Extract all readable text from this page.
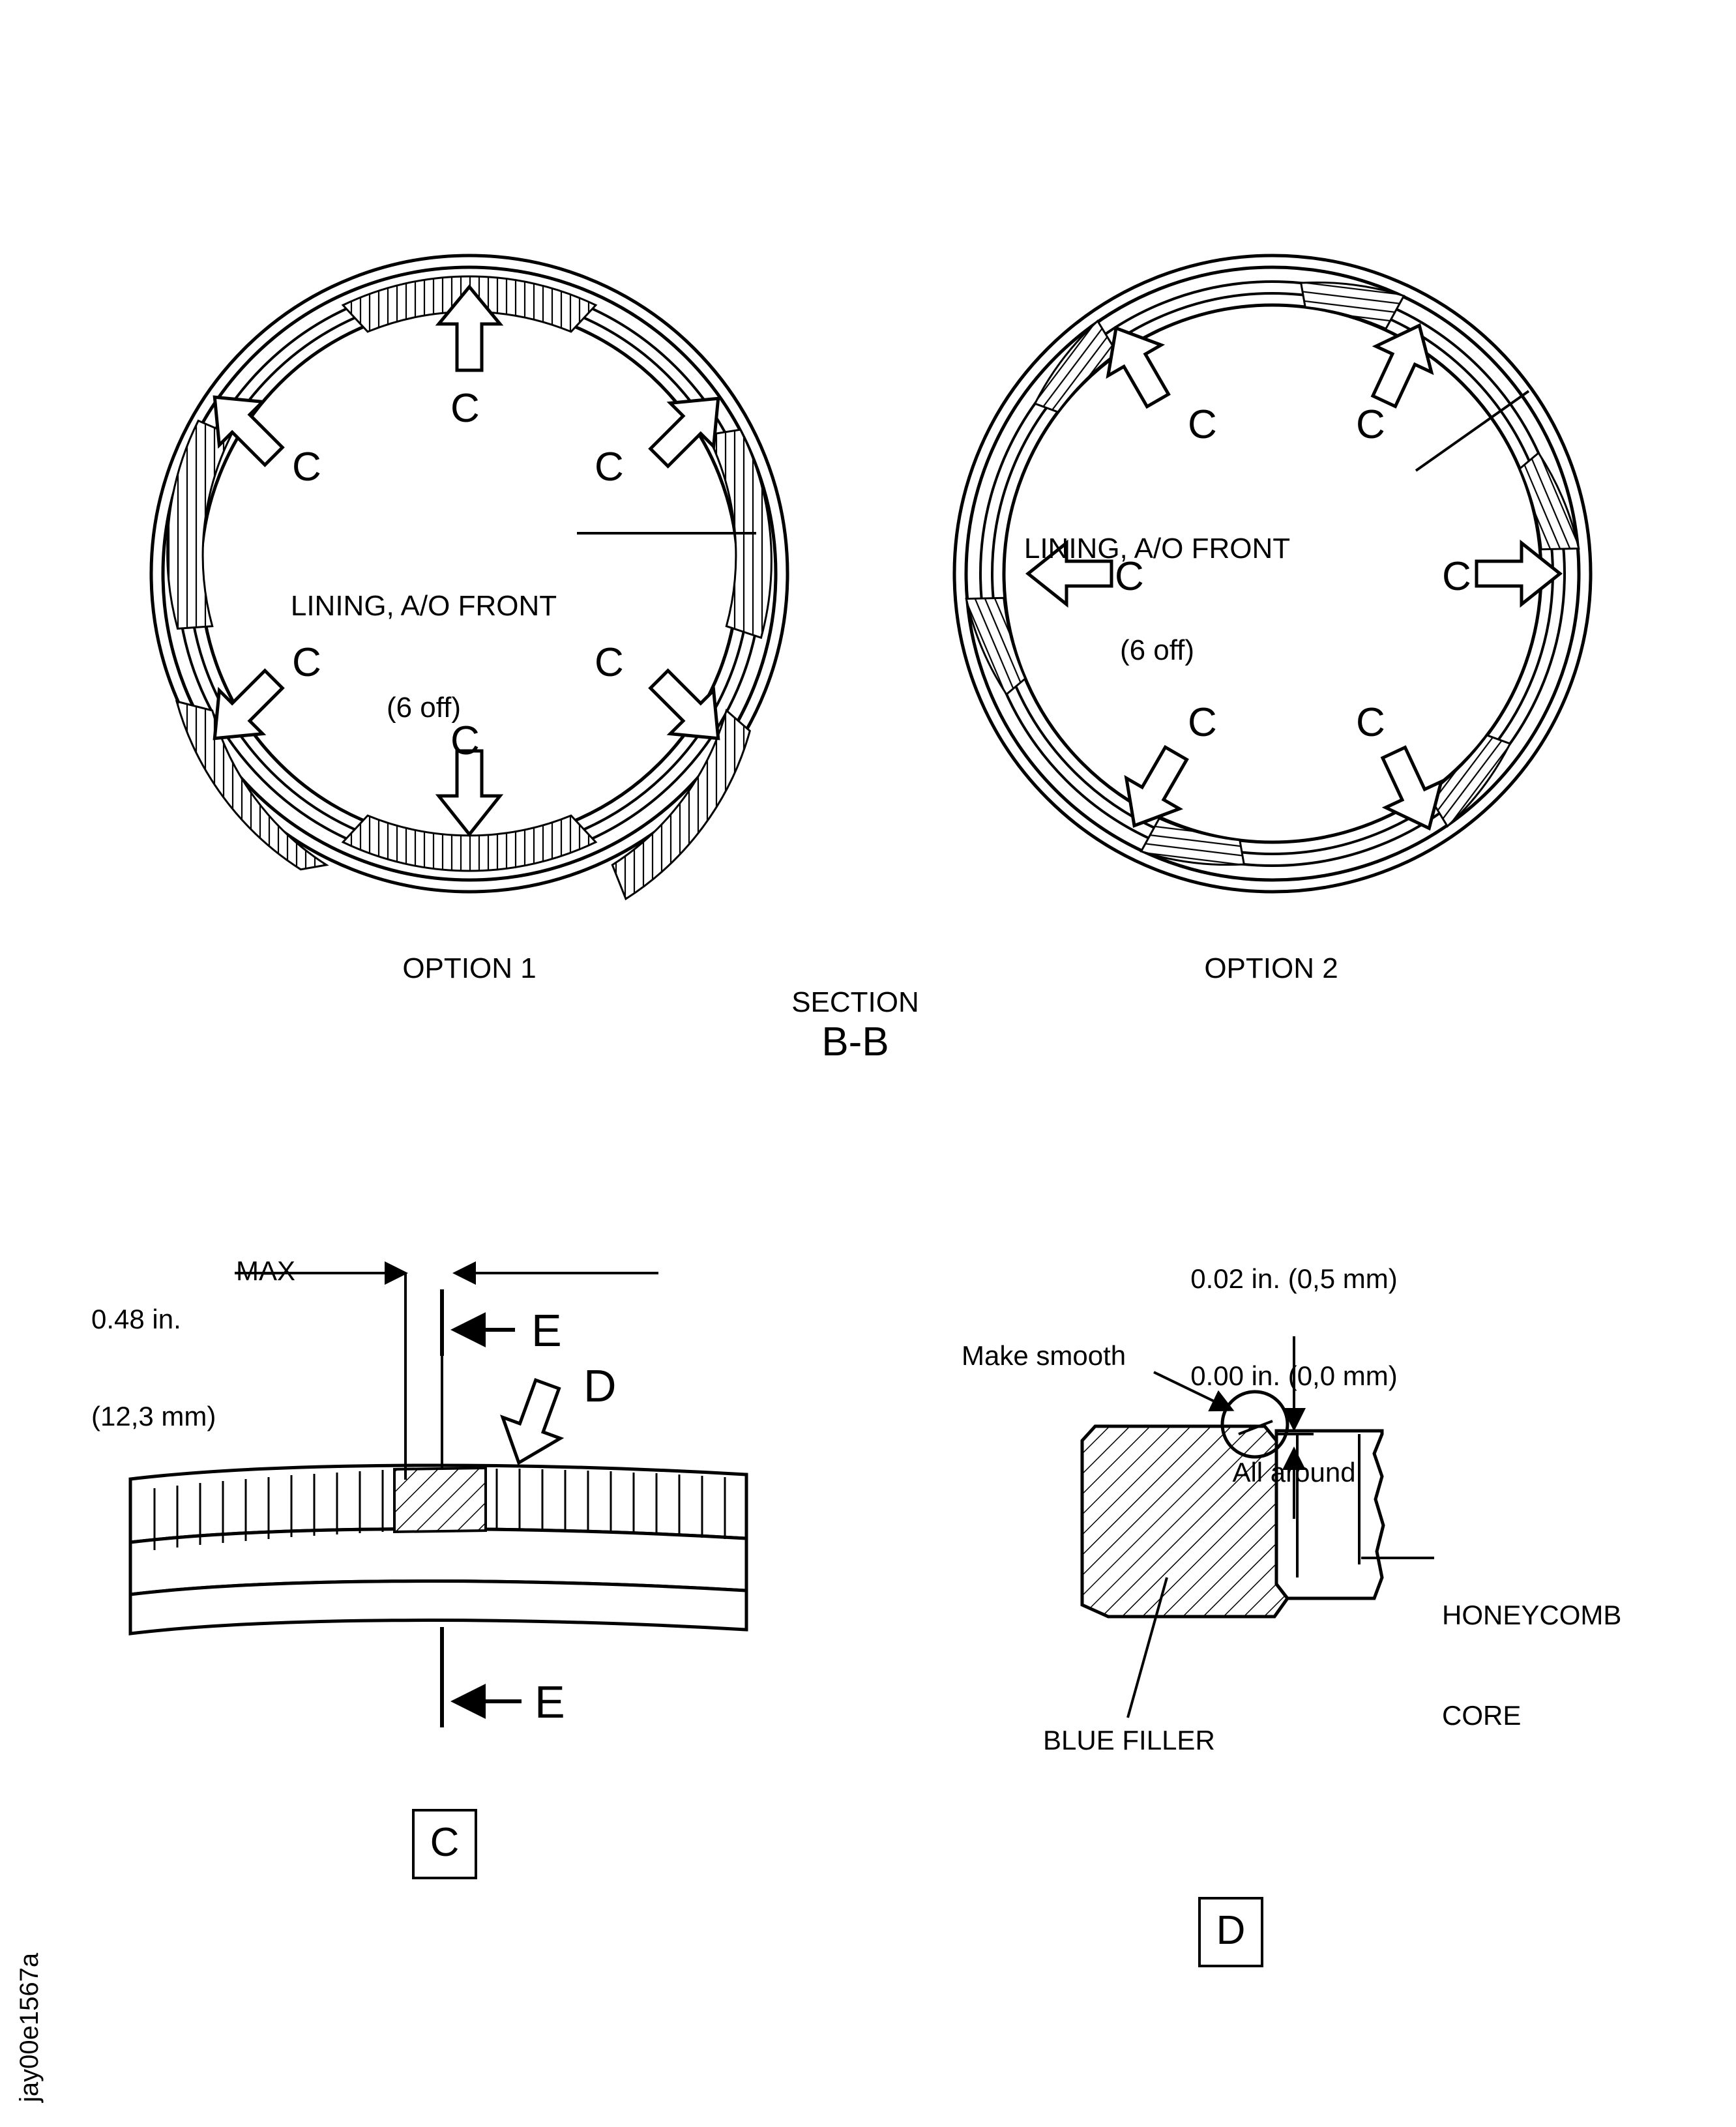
C
C	C
C	C
C

LINING, A/O FRONT

(6 off)

OPTION 1
C	C
C	C
C	C

LINING, A/O FRONT

(6 off)

OPTION 2
SECTION
B-B

0.48 in.

(12,3 mm)

MAX
E
D
E
C

0.02 in. (0,5 mm)

0.00 in. (0,0 mm)

All around

Make smooth

HONEYCOMB

CORE

BLUE FILLER
D
jay00e1567a
